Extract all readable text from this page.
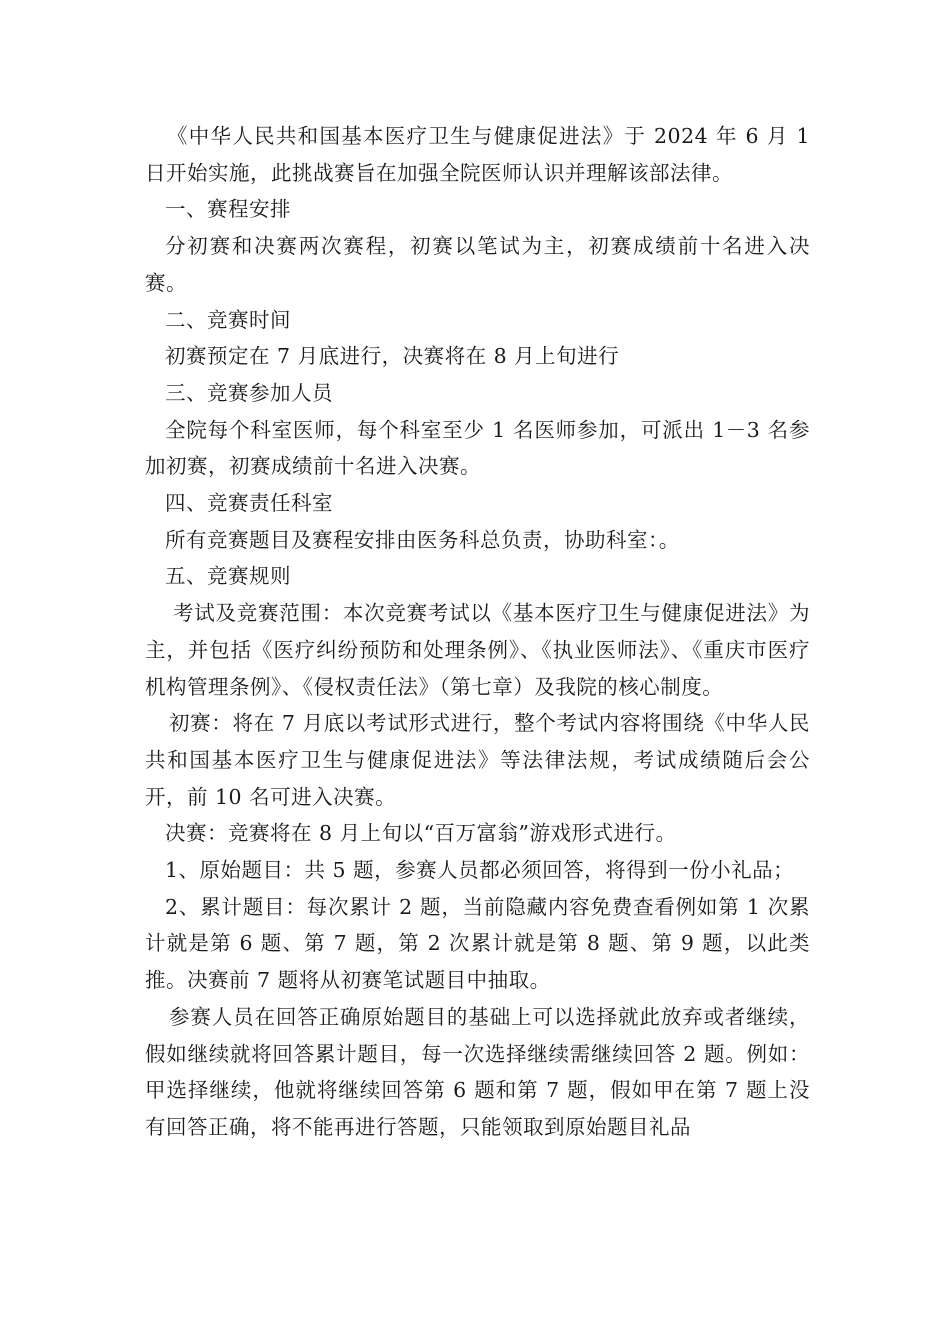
《中华人民共和国基本医疗卫生与健康促进法》于 2024 年 6 月 1 日开始实施，此挑战赛旨在加强全院医师认识并理解该部法律。

一、赛程安排

分初赛和决赛两次赛程，初赛以笔试为主，初赛成绩前十名进入决赛。

二、竞赛时间

初赛预定在 7 月底进行，决赛将在 8 月上旬进行

三、竞赛参加人员

全院每个科室医师，每个科室至少 1 名医师参加，可派出 1－3 名参加初赛，初赛成绩前十名进入决赛。

四、竞赛责任科室

所有竞赛题目及赛程安排由医务科总负责，协助科室：。

五、竞赛规则

考试及竞赛范围：本次竞赛考试以《基本医疗卫生与健康促进法》为主，并包括《医疗纠纷预防和处理条例》、《执业医师法》、《重庆市医疗机构管理条例》、《侵权责任法》（第七章）及我院的核心制度。

初赛：将在 7 月底以考试形式进行，整个考试内容将围绕《中华人民共和国基本医疗卫生与健康促进法》等法律法规，考试成绩随后会公开，前 10 名可进入决赛。

决赛：竞赛将在 8 月上旬以“百万富翁”游戏形式进行。

1、原始题目：共 5 题，参赛人员都必须回答，将得到一份小礼品；

2、累计题目：每次累计 2 题，当前隐藏内容免费查看例如第 1 次累计就是第 6 题、第 7 题，第 2 次累计就是第 8 题、第 9 题，以此类推。决赛前 7 题将从初赛笔试题目中抽取。

参赛人员在回答正确原始题目的基础上可以选择就此放弃或者继续，假如继续就将回答累计题目，每一次选择继续需继续回答 2 题。例如：甲选择继续，他就将继续回答第 6 题和第 7 题，假如甲在第 7 题上没有回答正确，将不能再进行答题，只能领取到原始题目礼品
